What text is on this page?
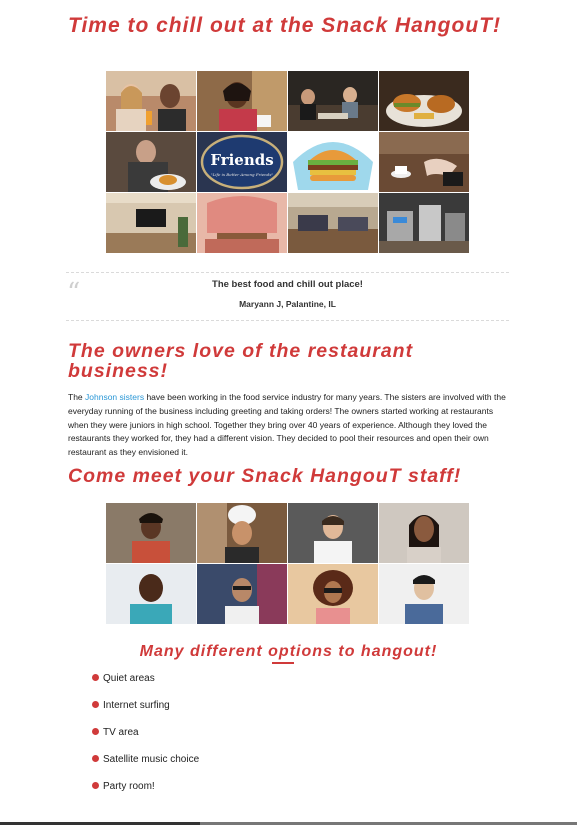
Time to chill out at the Snack HangouT!
Friends
"Life is Better Among Friends"
“	The best food and chill out place!

Maryann J, Palantine, IL

The owners love of the restaurant business!

The Johnson sisters have been working in the food service industry for many years. The sisters are involved with the everyday running of the business including greeting and taking orders! The owners started working at restaurants when they were juniors in high school. Together they bring over 40 years of experience. Although they loved the restaurants they worked for, they had a different vision. They decided to pool their resources and open their own restaurant as they envisioned it.

Come meet your Snack HangouT staff!
Many different options to hangout!
Quiet areas
Internet surfing
TV area
Satellite music choice
Party room!
